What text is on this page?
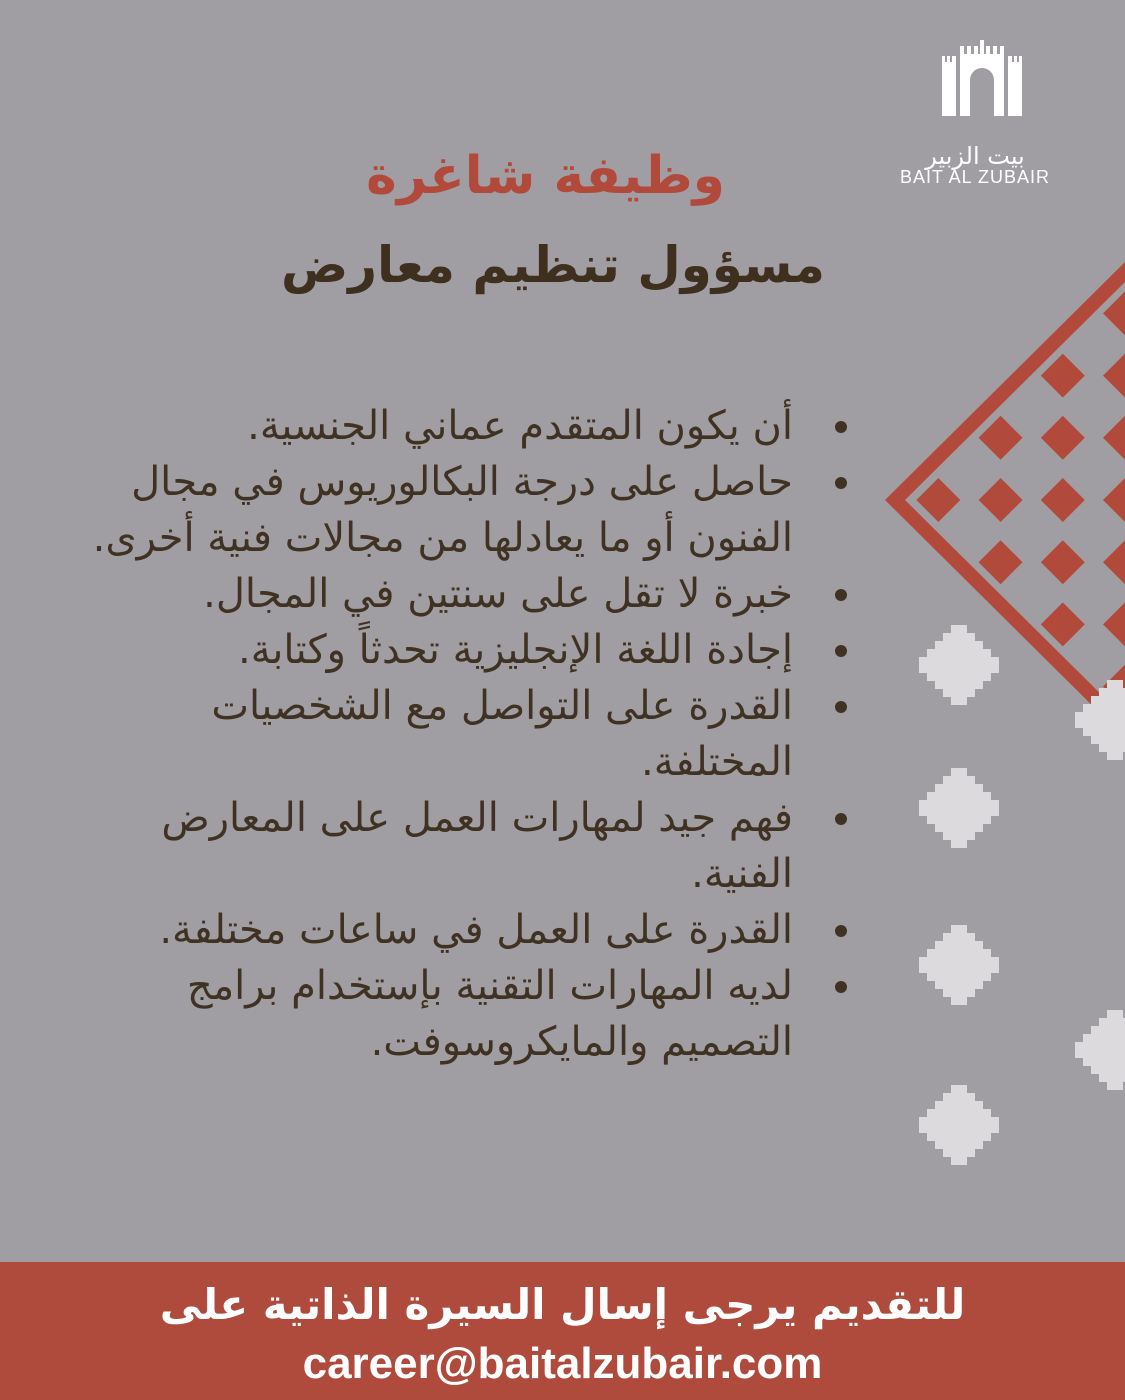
بيت الزبير
BAIT AL ZUBAIR
وظيفة شاغرة
مسؤول تنظيم معارض
أن يكون المتقدم عماني الجنسية.
حاصل على درجة البكالوريوس في مجال الفنون أو ما يعادلها من مجالات فنية أخرى.
خبرة لا تقل على سنتين في المجال.
إجادة اللغة الإنجليزية تحدثاً وكتابة.
القدرة على التواصل مع الشخصيات المختلفة.
فهم جيد لمهارات العمل على المعارض الفنية.
القدرة على العمل في ساعات مختلفة.
لديه المهارات التقنية بإستخدام برامج التصميم والمايكروسوفت.
للتقديم يرجى إسال السيرة الذاتية على
career@baitalzubair.com
